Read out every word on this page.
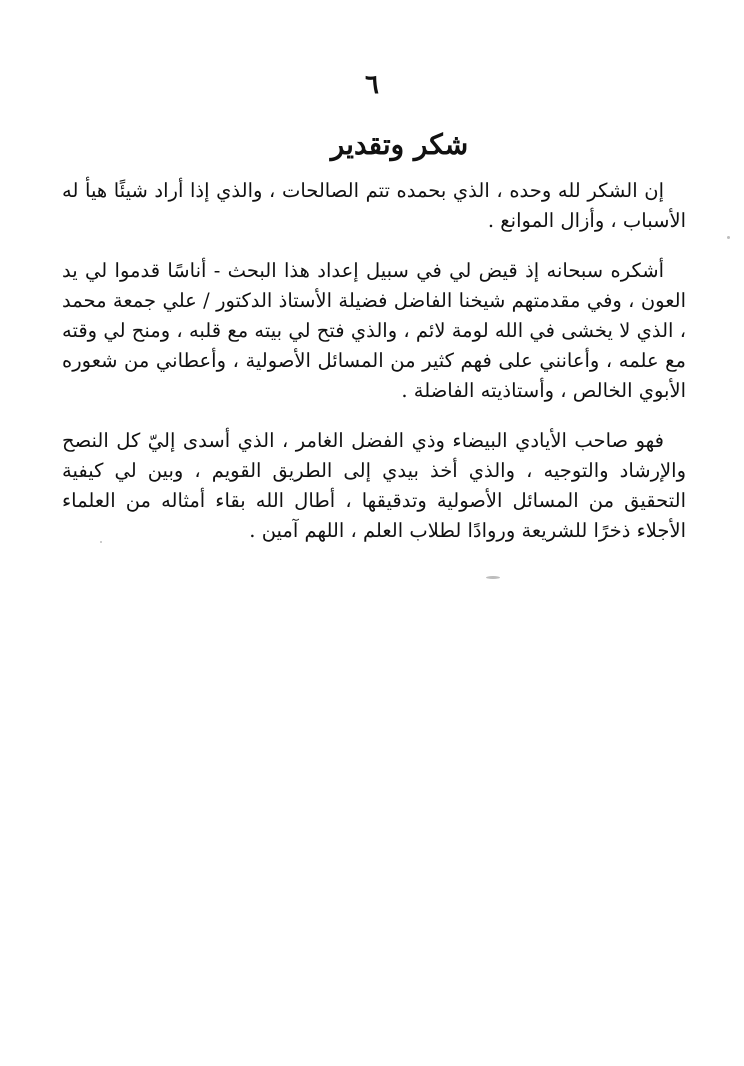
٦
شكر وتقدير

إن الشكر لله وحده ، الذي بحمده تتم الصالحات ، والذي إذا أراد شيئًا هيأ له الأسباب ، وأزال الموانع .

أشكره سبحانه إذ قيض لي في سبيل إعداد هذا البحث - أناسًا قدموا لي يد العون ، وفي مقدمتهم شيخنا الفاضل فضيلة الأستاذ الدكتور / علي جمعة محمد ، الذي لا يخشى في الله لومة لائم ، والذي فتح لي بيته مع قلبه ، ومنح لي وقته مع علمه ، وأعانني على فهم كثير من المسائل الأصولية ، وأعطاني من شعوره الأبوي الخالص ، وأستاذيته الفاضلة .

فهو صاحب الأيادي البيضاء وذي الفضل الغامر ، الذي أسدى إليّ كل النصح والإرشاد والتوجيه ، والذي أخذ بيدي إلى الطريق القويم ، وبين لي كيفية التحقيق من المسائل الأصولية وتدقيقها ، أطال الله بقاء أمثاله من العلماء الأجلاء ذخرًا للشريعة وروادًا لطلاب العلم ، اللهم آمين .
